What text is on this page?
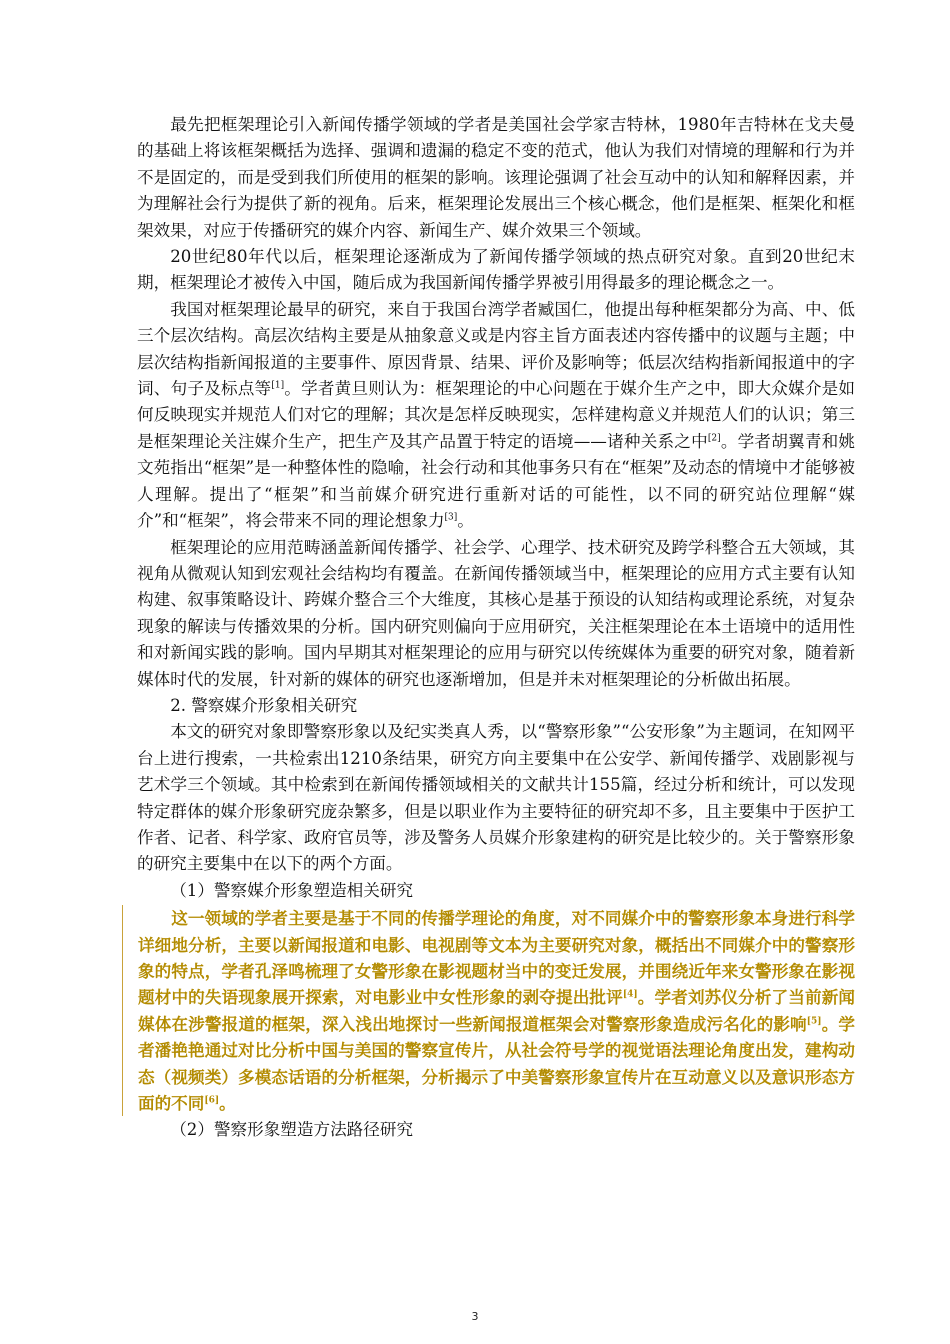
最先把框架理论引入新闻传播学领域的学者是美国社会学家吉特林，1980年吉特林在戈夫曼的基础上将该框架概括为选择、强调和遗漏的稳定不变的范式，他认为我们对情境的理解和行为并不是固定的，而是受到我们所使用的框架的影响。该理论强调了社会互动中的认知和解释因素，并为理解社会行为提供了新的视角。后来，框架理论发展出三个核心概念，他们是框架、框架化和框架效果，对应于传播研究的媒介内容、新闻生产、媒介效果三个领域。

20世纪80年代以后，框架理论逐渐成为了新闻传播学领域的热点研究对象。直到20世纪末期，框架理论才被传入中国，随后成为我国新闻传播学界被引用得最多的理论概念之一。

我国对框架理论最早的研究，来自于我国台湾学者臧国仁，他提出每种框架都分为高、中、低三个层次结构。高层次结构主要是从抽象意义或是内容主旨方面表述内容传播中的议题与主题；中层次结构指新闻报道的主要事件、原因背景、结果、评价及影响等；低层次结构指新闻报道中的字词、句子及标点等[1]。学者黄旦则认为：框架理论的中心问题在于媒介生产之中，即大众媒介是如何反映现实并规范人们对它的理解；其次是怎样反映现实，怎样建构意义并规范人们的认识；第三是框架理论关注媒介生产，把生产及其产品置于特定的语境——诸种关系之中[2]。学者胡翼青和姚文苑指出“框架”是一种整体性的隐喻，社会行动和其他事务只有在“框架”及动态的情境中才能够被人理解。提出了“框架”和当前媒介研究进行重新对话的可能性，以不同的研究站位理解“媒介”和“框架”，将会带来不同的理论想象力[3]。

框架理论的应用范畴涵盖新闻传播学、社会学、心理学、技术研究及跨学科整合五大领域，其视角从微观认知到宏观社会结构均有覆盖。在新闻传播领域当中，框架理论的应用方式主要有认知构建、叙事策略设计、跨媒介整合三个大维度，其核心是基于预设的认知结构或理论系统，对复杂现象的解读与传播效果的分析。国内研究则偏向于应用研究，关注框架理论在本土语境中的适用性和对新闻实践的影响。国内早期其对框架理论的应用与研究以传统媒体为重要的研究对象，随着新媒体时代的发展，针对新的媒体的研究也逐渐增加，但是并未对框架理论的分析做出拓展。

2. 警察媒介形象相关研究

本文的研究对象即警察形象以及纪实类真人秀，以“警察形象”“公安形象”为主题词，在知网平台上进行搜索，一共检索出1210条结果，研究方向主要集中在公安学、新闻传播学、戏剧影视与艺术学三个领域。其中检索到在新闻传播领域相关的文献共计155篇，经过分析和统计，可以发现特定群体的媒介形象研究庞杂繁多，但是以职业作为主要特征的研究却不多，且主要集中于医护工作者、记者、科学家、政府官员等，涉及警务人员媒介形象建构的研究是比较少的。关于警察形象的研究主要集中在以下的两个方面。

（1）警察媒介形象塑造相关研究

这一领域的学者主要是基于不同的传播学理论的角度，对不同媒介中的警察形象本身进行科学详细地分析，主要以新闻报道和电影、电视剧等文本为主要研究对象，概括出不同媒介中的警察形象的特点，学者孔泽鸣梳理了女警形象在影视题材当中的变迁发展，并围绕近年来女警形象在影视题材中的失语现象展开探索，对电影业中女性形象的剥夺提出批评[4]。学者刘苏仪分析了当前新闻媒体在涉警报道的框架，深入浅出地探讨一些新闻报道框架会对警察形象造成污名化的影响[5]。学者潘艳艳通过对比分析中国与美国的警察宣传片，从社会符号学的视觉语法理论角度出发，建构动态（视频类）多模态话语的分析框架，分析揭示了中美警察形象宣传片在互动意义以及意识形态方面的不同[6]。

（2）警察形象塑造方法路径研究

3
